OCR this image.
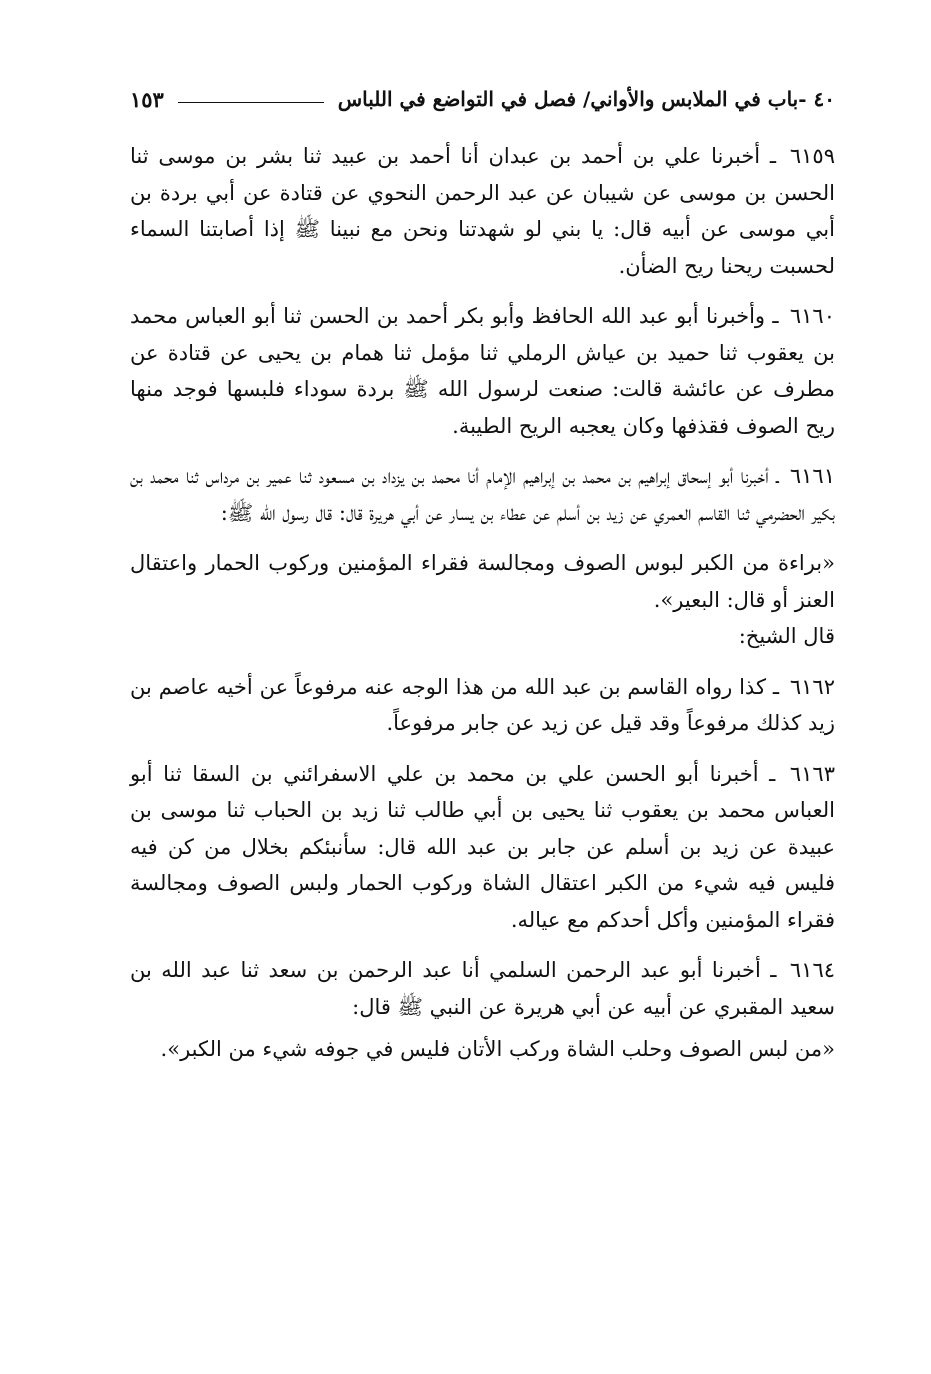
٤٠ -باب في الملابس والأواني/ فصل في التواضع في اللباس
١٥٣

٦١٥٩ ـ أخبرنا علي بن أحمد بن عبدان أنا أحمد بن عبيد ثنا بشر بن موسى ثنا الحسن بن موسى عن شيبان عن عبد الرحمن النحوي عن قتادة عن أبي بردة بن أبي موسى عن أبيه قال: يا بني لو شهدتنا ونحن مع نبينا ﷺ إذا أصابتنا السماء لحسبت ريحنا ريح الضأن.

٦١٦٠ ـ وأخبرنا أبو عبد الله الحافظ وأبو بكر أحمد بن الحسن ثنا أبو العباس محمد بن يعقوب ثنا حميد بن عياش الرملي ثنا مؤمل ثنا همام بن يحيى عن قتادة عن مطرف عن عائشة قالت: صنعت لرسول الله ﷺ بردة سوداء فلبسها فوجد منها ريح الصوف فقذفها وكان يعجبه الريح الطيبة.

٦١٦١ ـ أخبرنا أبو إسحاق إبراهيم بن محمد بن إبراهيم الإمام أنا محمد بن يزداد بن مسعود ثنا عمير بن مرداس ثنا محمد بن بكير الحضرمي ثنا القاسم العمري عن زيد بن أسلم عن عطاء بن يسار عن أبي هريرة قال: قال رسول الله ﷺ:

«براءة من الكبر لبوس الصوف ومجالسة فقراء المؤمنين وركوب الحمار واعتقال العنز أو قال: البعير».

قال الشيخ:

٦١٦٢ ـ كذا رواه القاسم بن عبد الله من هذا الوجه عنه مرفوعاً عن أخيه عاصم بن زيد كذلك مرفوعاً وقد قيل عن زيد عن جابر مرفوعاً.

٦١٦٣ ـ أخبرنا أبو الحسن علي بن محمد بن علي الاسفرائني بن السقا ثنا أبو العباس محمد بن يعقوب ثنا يحيى بن أبي طالب ثنا زيد بن الحباب ثنا موسى بن عبيدة عن زيد بن أسلم عن جابر بن عبد الله قال: سأنبئكم بخلال من كن فيه فليس فيه شيء من الكبر اعتقال الشاة وركوب الحمار ولبس الصوف ومجالسة فقراء المؤمنين وأكل أحدكم مع عياله.

٦١٦٤ ـ أخبرنا أبو عبد الرحمن السلمي أنا عبد الرحمن بن سعد ثنا عبد الله بن سعيد المقبري عن أبيه عن أبي هريرة عن النبي ﷺ قال:

«من لبس الصوف وحلب الشاة وركب الأتان فليس في جوفه شيء من الكبر».
